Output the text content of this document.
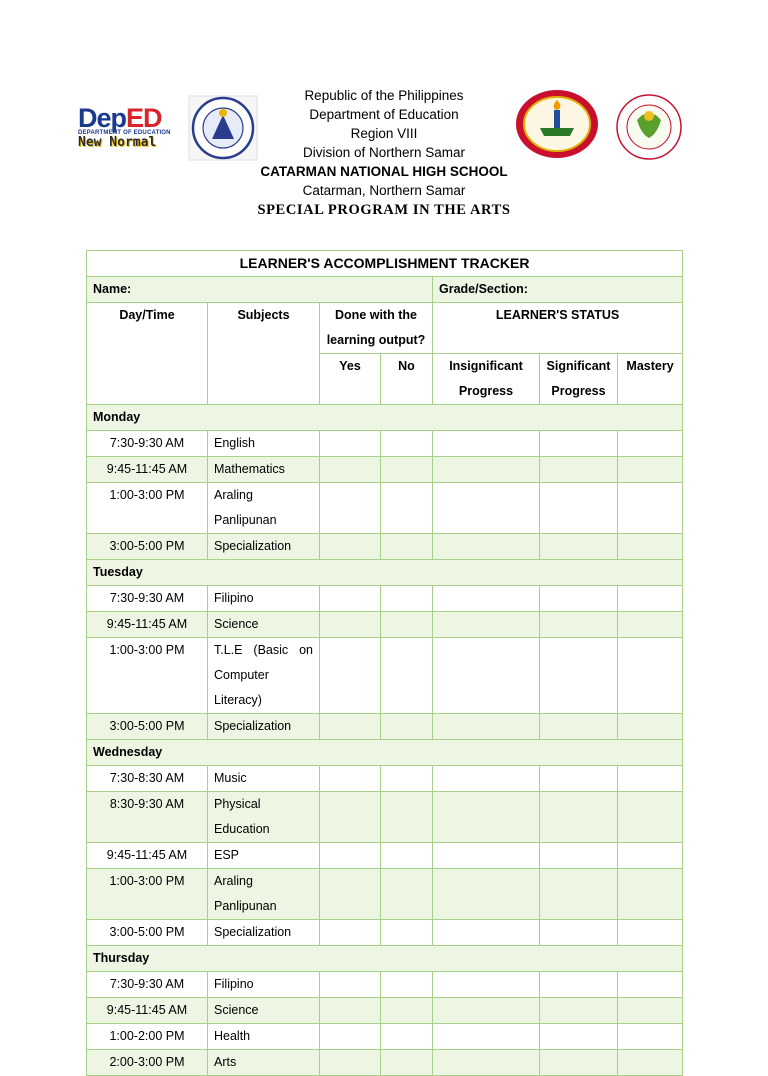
DepED
DEPARTMENT OF EDUCATION
New Normal
Republic of the Philippines
Department of Education
Region VIII
Division of Northern Samar
CATARMAN NATIONAL HIGH SCHOOL
Catarman, Northern Samar
SPECIAL PROGRAM IN THE ARTS
LEARNER'S ACCOMPLISHMENT TRACKER						
Name:				Grade/Section:		
Day/Time	Subjects	Done with the learning output?		LEARNER'S STATUS		
		Yes	No	Insignificant Progress	Significant Progress	Mastery
Monday						
7:30-9:30 AM	English					
9:45-11:45 AM	Mathematics					
1:00-3:00 PM	Araling Panlipunan					
3:00-5:00 PM	Specialization					
Tuesday						
7:30-9:30 AM	Filipino					
9:45-11:45 AM	Science					
1:00-3:00 PM	T.L.E (Basic on Computer Literacy)					
3:00-5:00 PM	Specialization					
Wednesday						
7:30-8:30 AM	Music					
8:30-9:30 AM	Physical Education					
9:45-11:45 AM	ESP					
1:00-3:00 PM	Araling Panlipunan					
3:00-5:00 PM	Specialization					
Thursday						
7:30-9:30 AM	Filipino					
9:45-11:45 AM	Science					
1:00-2:00 PM	Health					
2:00-3:00 PM	Arts					
